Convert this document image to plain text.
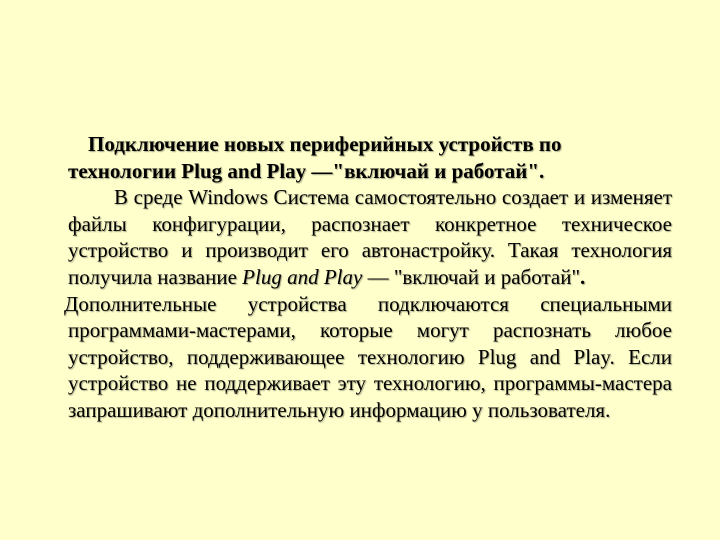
Подключение новых периферийных устройств по технологии Plug and Play —"включай и работай".

В среде Windows Система самостоятельно создает и изменяет файлы конфигурации, распознает конкретное техническое устройство и производит его автонастройку. Такая технология получила название Plug and Play — "включай и работай".

Дополнительные устройства подключаются специальными программами-мастерами, которые могут распознать любое устройство, поддерживающее технологию Plug and Play. Если устройство не поддерживает эту технологию, программы-мастера запрашивают дополнительную информацию у пользователя.
